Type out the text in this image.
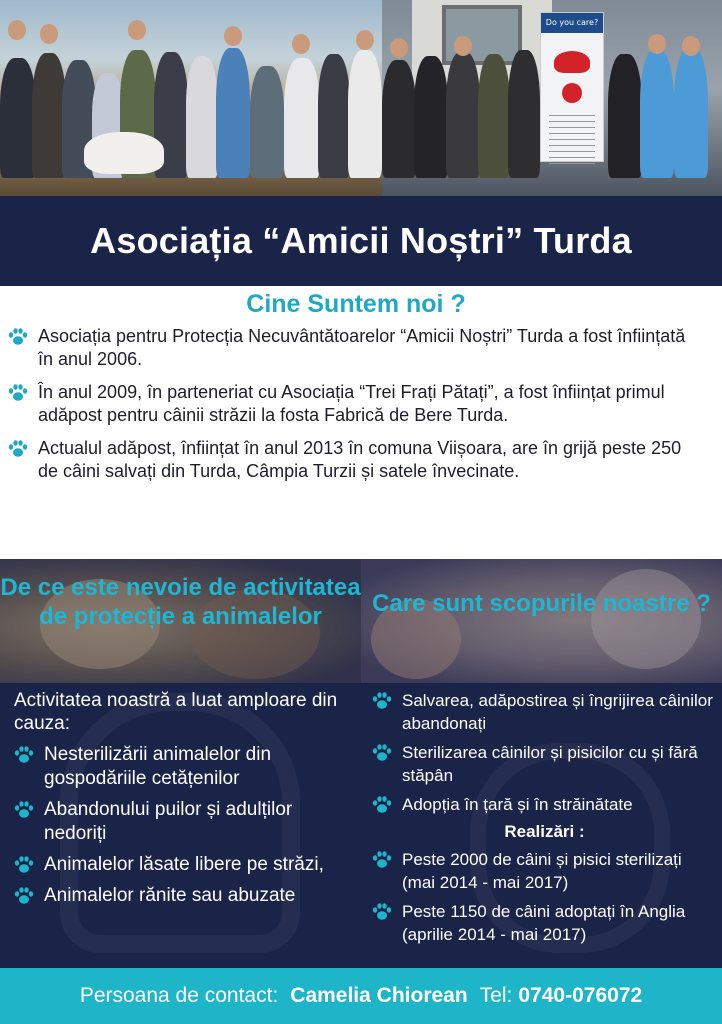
Do you care?
Asociația “Amicii Noștri” Turda
Cine Suntem noi ?
Asociația pentru Protecția Necuvântătoarelor “Amicii Noștri” Turda a fost înființată în anul 2006.
În anul 2009, în parteneriat cu Asociația “Trei Frați Pătați”, a fost înființat primul adăpost pentru câinii străzii la fosta Fabrică de Bere Turda.
Actualul adăpost, înființat în anul 2013 în comuna Viișoara, are în grijă peste 250 de câini salvați din Turda, Câmpia Turzii și satele învecinate.
De ce este nevoie de activitatea de protecție a animalelor	Care sunt scopurile noastre ?

Activitatea noastră a luat amploare din cauza:

Nesterilizării animalelor din gospodăriile cetățenilor
Abandonului puilor și adulților nedoriți
Animalelor lăsate libere pe străzi,
Animalelor rănite sau abuzate
Salvarea, adăpostirea și îngrijirea câinilor abandonați
Sterilizarea câinilor și pisicilor cu și fără stăpân
Adopția în țară și în străinătate
Realizări :
Peste 2000 de câini și pisici sterilizați (mai 2014 - mai 2017)
Peste 1150 de câini adoptați în Anglia (aprilie 2014 - mai 2017)
Persoana de contact: Camelia Chiorean Tel: 0740-076072
